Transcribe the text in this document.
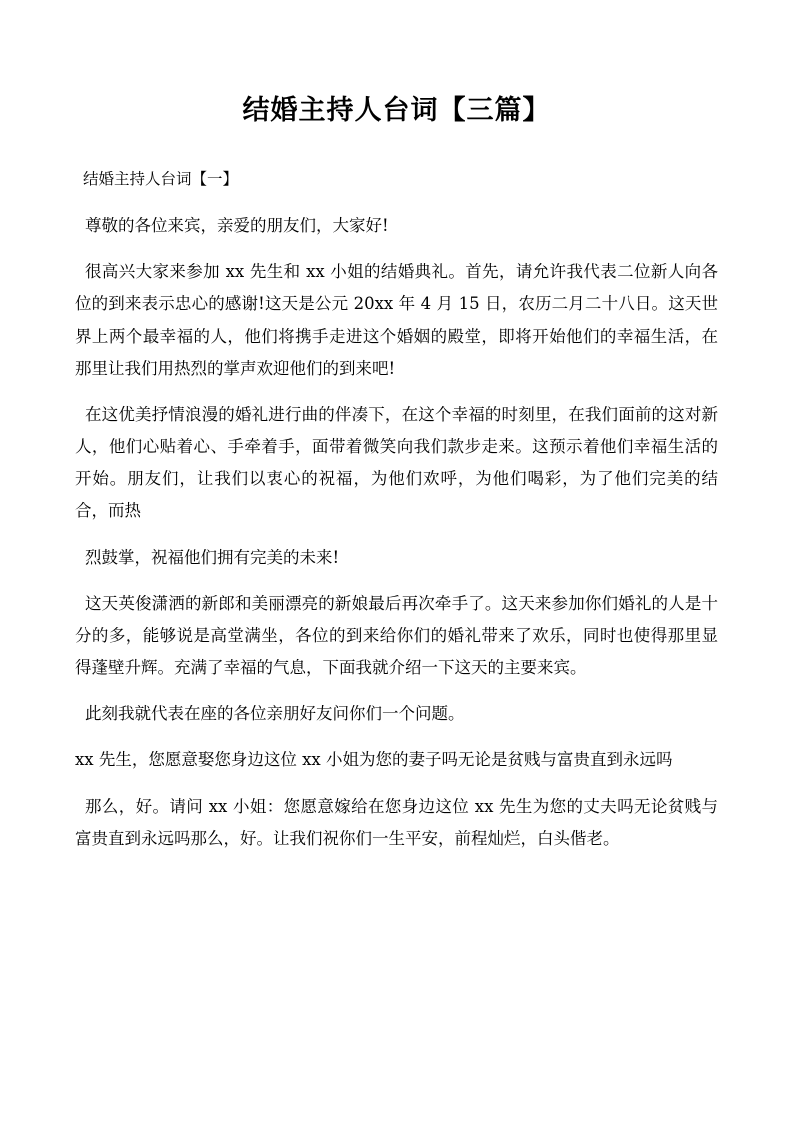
结婚主持人台词【三篇】

结婚主持人台词【一】

尊敬的各位来宾，亲爱的朋友们，大家好!

很高兴大家来参加 xx 先生和 xx 小姐的结婚典礼。首先，请允许我代表二位新人向各位的到来表示忠心的感谢!这天是公元 20xx 年 4 月 15 日，农历二月二十八日。这天世界上两个最幸福的人，他们将携手走进这个婚姻的殿堂，即将开始他们的幸福生活，在那里让我们用热烈的掌声欢迎他们的到来吧!

在这优美抒情浪漫的婚礼进行曲的伴凑下，在这个幸福的时刻里，在我们面前的这对新人，他们心贴着心、手牵着手，面带着微笑向我们款步走来。这预示着他们幸福生活的开始。朋友们，让我们以衷心的祝福，为他们欢呼，为他们喝彩，为了他们完美的结合，而热

烈鼓掌，祝福他们拥有完美的未来!

这天英俊潇洒的新郎和美丽漂亮的新娘最后再次牵手了。这天来参加你们婚礼的人是十分的多，能够说是高堂满坐，各位的到来给你们的婚礼带来了欢乐，同时也使得那里显得蓬壁升辉。充满了幸福的气息，下面我就介绍一下这天的主要来宾。

此刻我就代表在座的各位亲朋好友问你们一个问题。

xx 先生，您愿意娶您身边这位 xx 小姐为您的妻子吗无论是贫贱与富贵直到永远吗

那么，好。请问 xx 小姐：您愿意嫁给在您身边这位 xx 先生为您的丈夫吗无论贫贱与富贵直到永远吗那么，好。让我们祝你们一生平安，前程灿烂，白头偕老。
